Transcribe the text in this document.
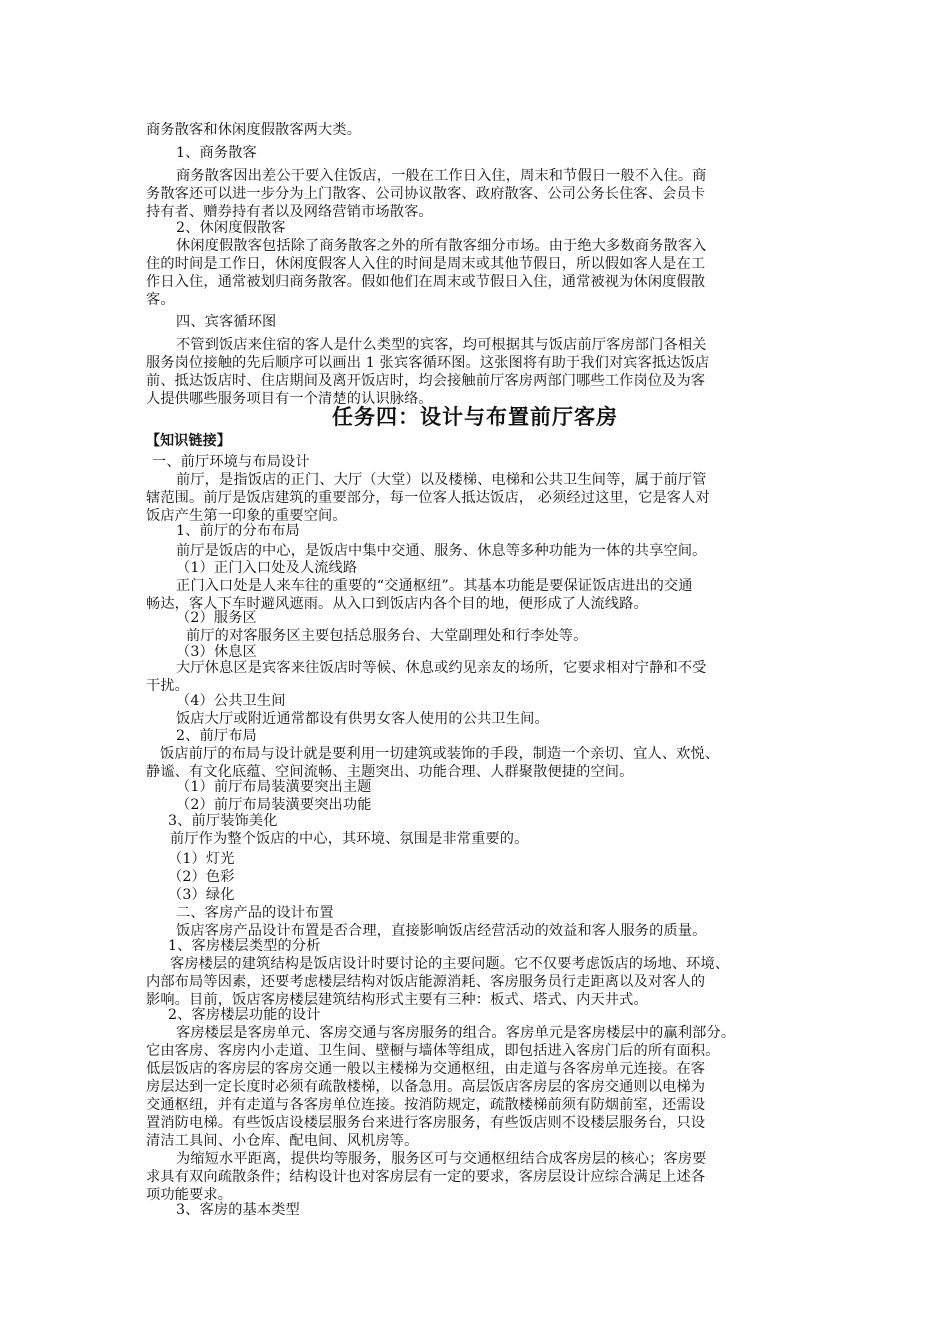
商务散客和休闲度假散客两大类。

1、商务散客

商务散客因出差公干要入住饭店，一般在工作日入住，周末和节假日一般不入住。商

务散客还可以进一步分为上门散客、公司协议散客、政府散客、公司公务长住客、会员卡

持有者、赠券持有者以及网络营销市场散客。

2、休闲度假散客

休闲度假散客包括除了商务散客之外的所有散客细分市场。由于绝大多数商务散客入

住的时间是工作日，休闲度假客人入住的时间是周末或其他节假日，所以假如客人是在工

作日入住，通常被划归商务散客。假如他们在周末或节假日入住，通常被视为休闲度假散

客。

四、宾客循环图

不管到饭店来住宿的客人是什么类型的宾客，均可根据其与饭店前厅客房部门各相关

服务岗位接触的先后顺序可以画出 1 张宾客循环图。这张图将有助于我们对宾客抵达饭店

前、抵达饭店时、住店期间及离开饭店时，均会接触前厅客房两部门哪些工作岗位及为客

人提供哪些服务项目有一个清楚的认识脉络。

任务四：设计与布置前厅客房

【知识链接】

一、前厅环境与布局设计

前厅，是指饭店的正门、大厅（大堂）以及楼梯、电梯和公共卫生间等，属于前厅管

辖范围。前厅是饭店建筑的重要部分，每一位客人抵达饭店， 必须经过这里，它是客人对

饭店产生第一印象的重要空间。

1、前厅的分布布局

前厅是饭店的中心，是饭店中集中交通、服务、休息等多种功能为一体的共享空间。

（1）正门入口处及人流线路

正门入口处是人来车往的重要的“交通枢纽”。其基本功能是要保证饭店进出的交通

畅达，客人下车时避风遮雨。从入口到饭店内各个目的地，便形成了人流线路。

（2）服务区

前厅的对客服务区主要包括总服务台、大堂副理处和行李处等。

（3）休息区

大厅休息区是宾客来往饭店时等候、休息或约见亲友的场所，它要求相对宁静和不受

干扰。

（4）公共卫生间

饭店大厅或附近通常都设有供男女客人使用的公共卫生间。

2、前厅布局

饭店前厅的布局与设计就是要利用一切建筑或装饰的手段，制造一个亲切、宜人、欢悦、

静谧、有文化底蕴、空间流畅、主题突出、功能合理、人群聚散便捷的空间。

（1）前厅布局装潢要突出主题

（2）前厅布局装潢要突出功能

3、前厅装饰美化

前厅作为整个饭店的中心，其环境、氛围是非常重要的。

（1）灯光

（2）色彩

（3）绿化

二、客房产品的设计布置

饭店客房产品设计布置是否合理，直接影响饭店经营活动的效益和客人服务的质量。

1、客房楼层类型的分析

客房楼层的建筑结构是饭店设计时要讨论的主要问题。它不仅要考虑饭店的场地、环境、

内部布局等因素，还要考虑楼层结构对饭店能源消耗、客房服务员行走距离以及对客人的

影响。目前，饭店客房楼层建筑结构形式主要有三种：板式、塔式、内天井式。

2、客房楼层功能的设计

客房楼层是客房单元、客房交通与客房服务的组合。客房单元是客房楼层中的赢利部分。

它由客房、客房内小走道、卫生间、壁橱与墙体等组成，即包括进入客房门后的所有面积。

低层饭店的客房层的客房交通一般以主楼梯为交通枢纽，由走道与各客房单元连接。在客

房层达到一定长度时必须有疏散楼梯，以备急用。高层饭店客房层的客房交通则以电梯为

交通枢纽，并有走道与各客房单位连接。按消防规定，疏散楼梯前须有防烟前室，还需设

置消防电梯。有些饭店设楼层服务台来进行客房服务，有些饭店则不设楼层服务台，只设

清洁工具间、小仓库、配电间、风机房等。

为缩短水平距离，提供均等服务，服务区可与交通枢纽结合成客房层的核心；客房要

求具有双向疏散条件；结构设计也对客房层有一定的要求，客房层设计应综合满足上述各

项功能要求。

3、客房的基本类型
